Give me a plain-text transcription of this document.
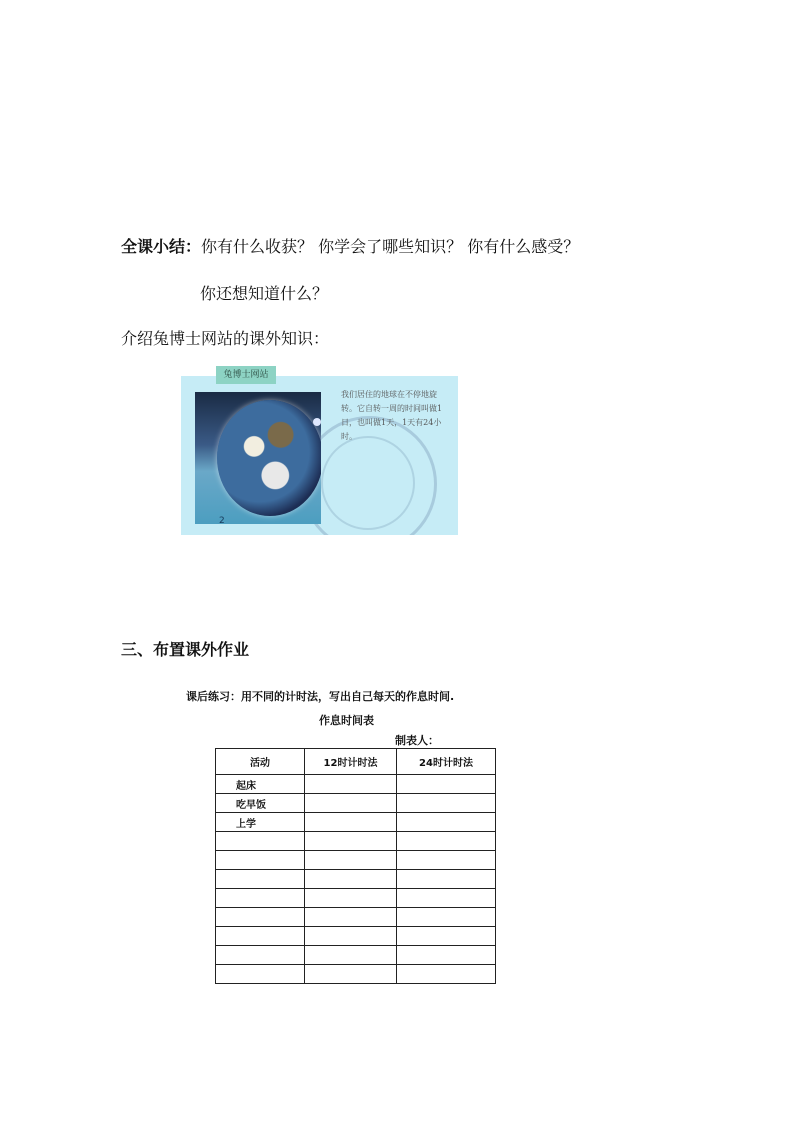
全课小结：你有什么收获？ 你学会了哪些知识？ 你有什么感受？
你还想知道什么？
介绍兔博士网站的课外知识：
2
我们居住的地球在不停地旋转。它自转一周的时间叫做1日，也叫做1天，1天有24小时。
兔博士网站
三、布置课外作业
课后练习：用不同的计时法，写出自己每天的作息时间.
作息时间表
制表人：
活动	12时计时法	24时计时法
起床		
吃早饭		
上学		
